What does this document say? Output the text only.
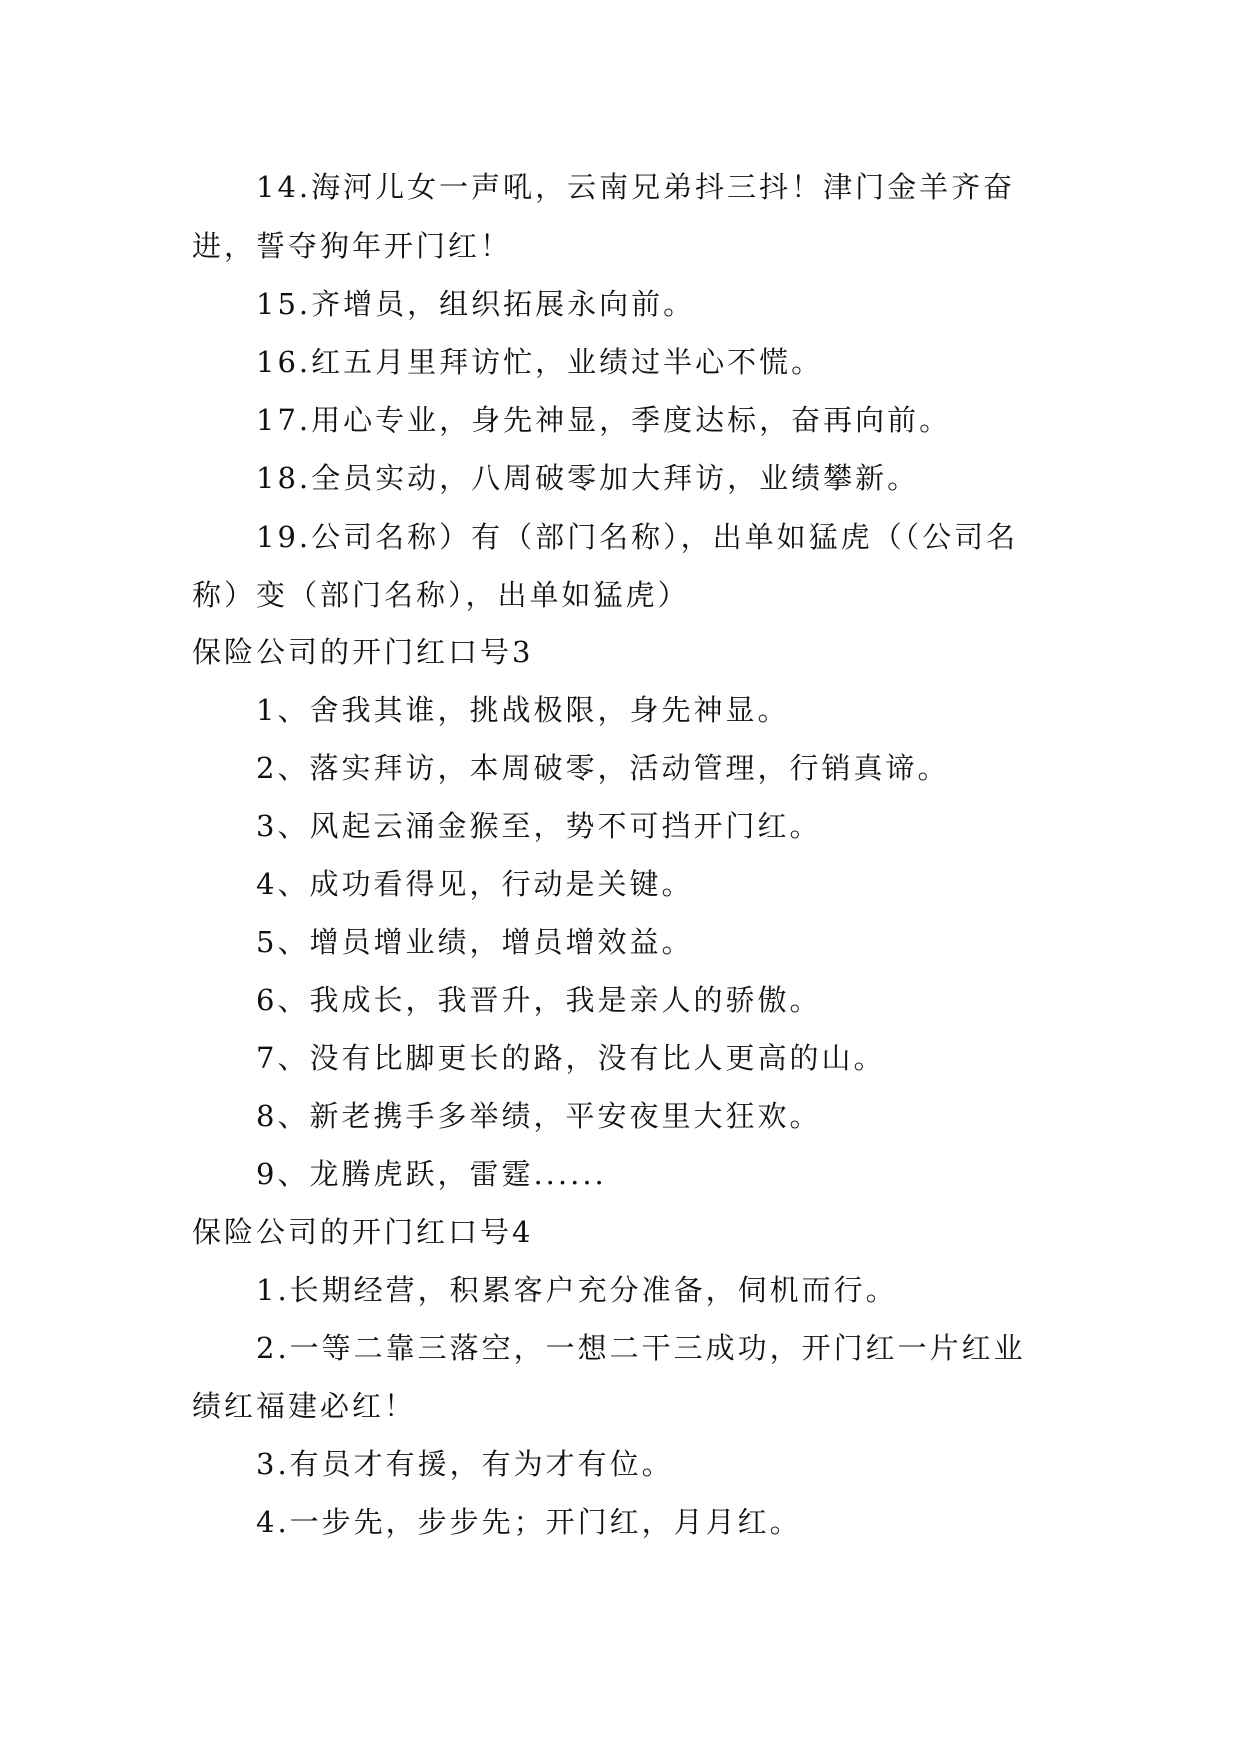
14.海河儿女一声吼，云南兄弟抖三抖！津门金羊齐奋
进，誓夺狗年开门红！
15.齐增员，组织拓展永向前。
16.红五月里拜访忙，业绩过半心不慌。
17.用心专业，身先神显，季度达标，奋再向前。
18.全员实动，八周破零加大拜访，业绩攀新。
19.公司名称）有（部门名称），出单如猛虎（（公司名
称）变（部门名称），出单如猛虎）
保险公司的开门红口号3
1、舍我其谁，挑战极限，身先神显。
2、落实拜访，本周破零，活动管理，行销真谛。
3、风起云涌金猴至，势不可挡开门红。
4、成功看得见，行动是关键。
5、增员增业绩，增员增效益。
6、我成长，我晋升，我是亲人的骄傲。
7、没有比脚更长的路，没有比人更高的山。
8、新老携手多举绩，平安夜里大狂欢。
9、龙腾虎跃，雷霆......
保险公司的开门红口号4
1.长期经营，积累客户充分准备，伺机而行。
2.一等二靠三落空，一想二干三成功，开门红一片红业
绩红福建必红！
3.有员才有援，有为才有位。
4.一步先，步步先；开门红，月月红。
